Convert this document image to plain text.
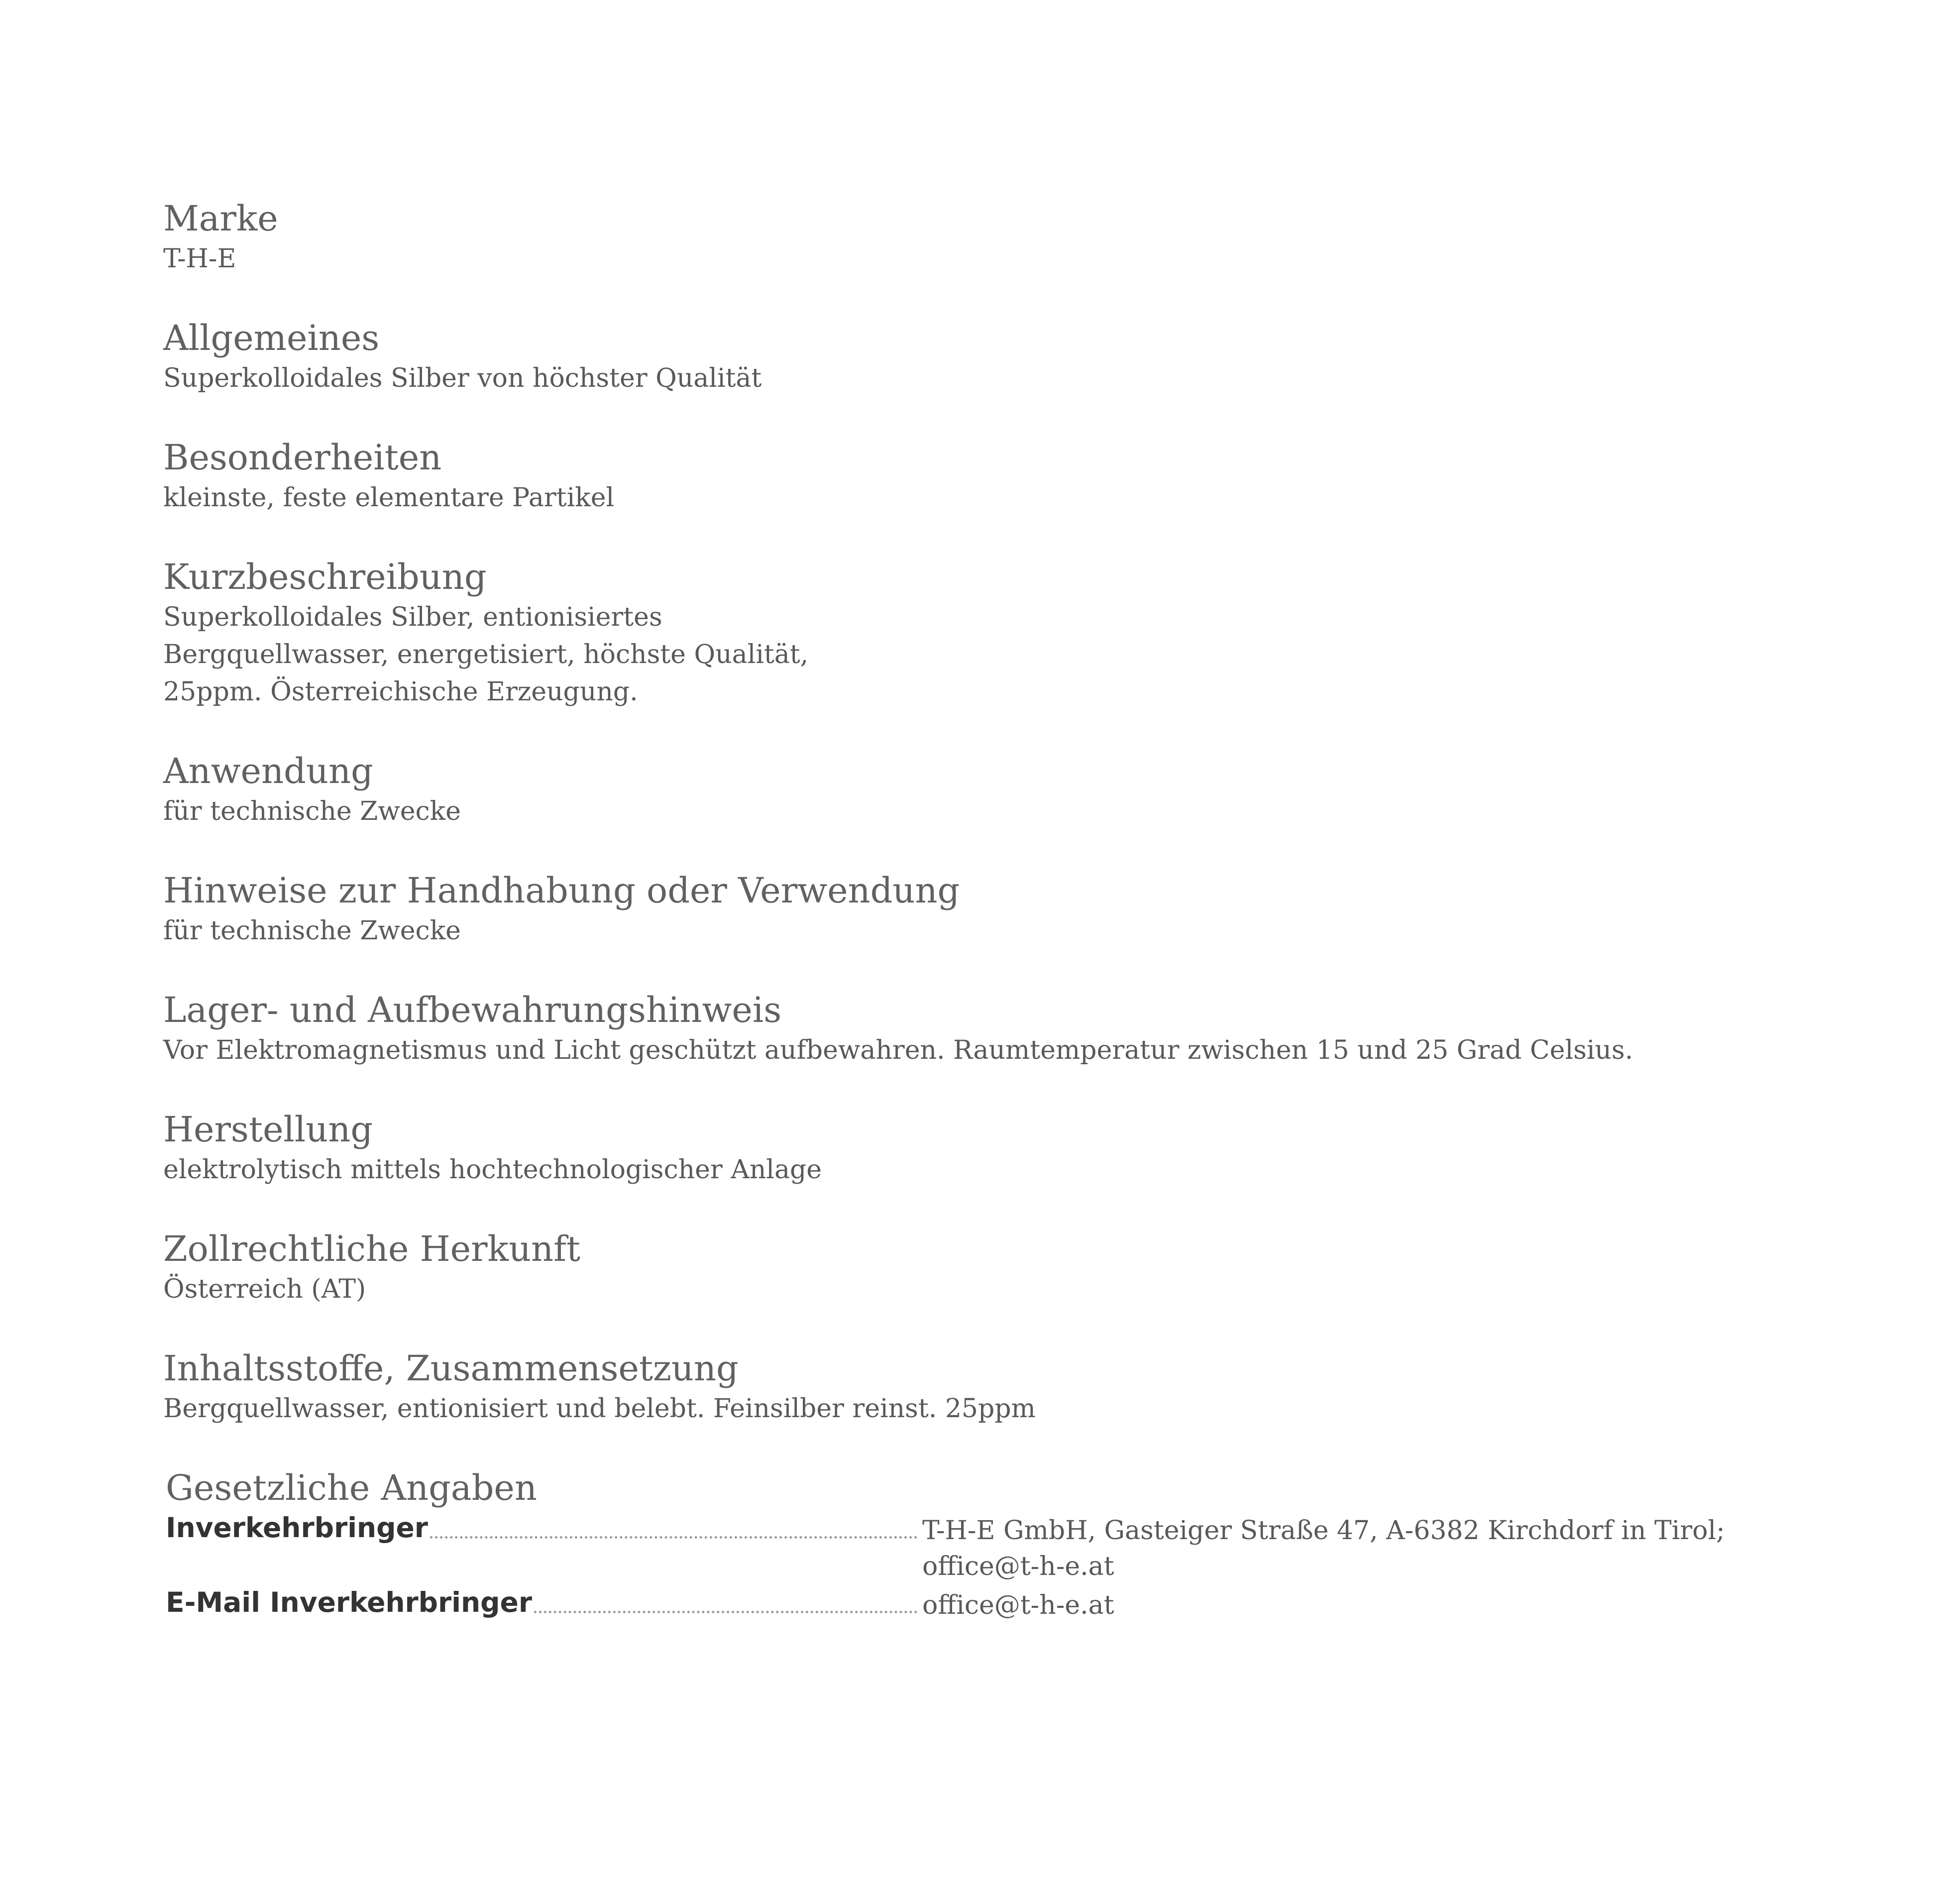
Marke

T-H-E

Allgemeines

Superkolloidales Silber von höchster Qualität

Besonderheiten

kleinste, feste elementare Partikel

Kurzbeschreibung

Superkolloidales Silber, entionisiertes
Bergquellwasser, energetisiert, höchste Qualität,
25ppm. Österreichische Erzeugung.

Anwendung

für technische Zwecke

Hinweise zur Handhabung oder Verwendung

für technische Zwecke

Lager- und Aufbewahrungshinweis

Vor Elektromagnetismus und Licht geschützt aufbewahren. Raumtemperatur zwischen 15 und 25 Grad Celsius.

Herstellung

elektrolytisch mittels hochtechnologischer Anlage

Zollrechtliche Herkunft

Österreich (AT)

Inhaltsstoffe, Zusammensetzung

Bergquellwasser, entionisiert und belebt. Feinsilber reinst. 25ppm

Gesetzliche Angaben
Inverkehrbringer	T-H-E GmbH, Gasteiger Straße 47, A-6382 Kirchdorf in Tirol; office@t-h-e.at
E-Mail Inverkehrbringer	office@t-h-e.at
